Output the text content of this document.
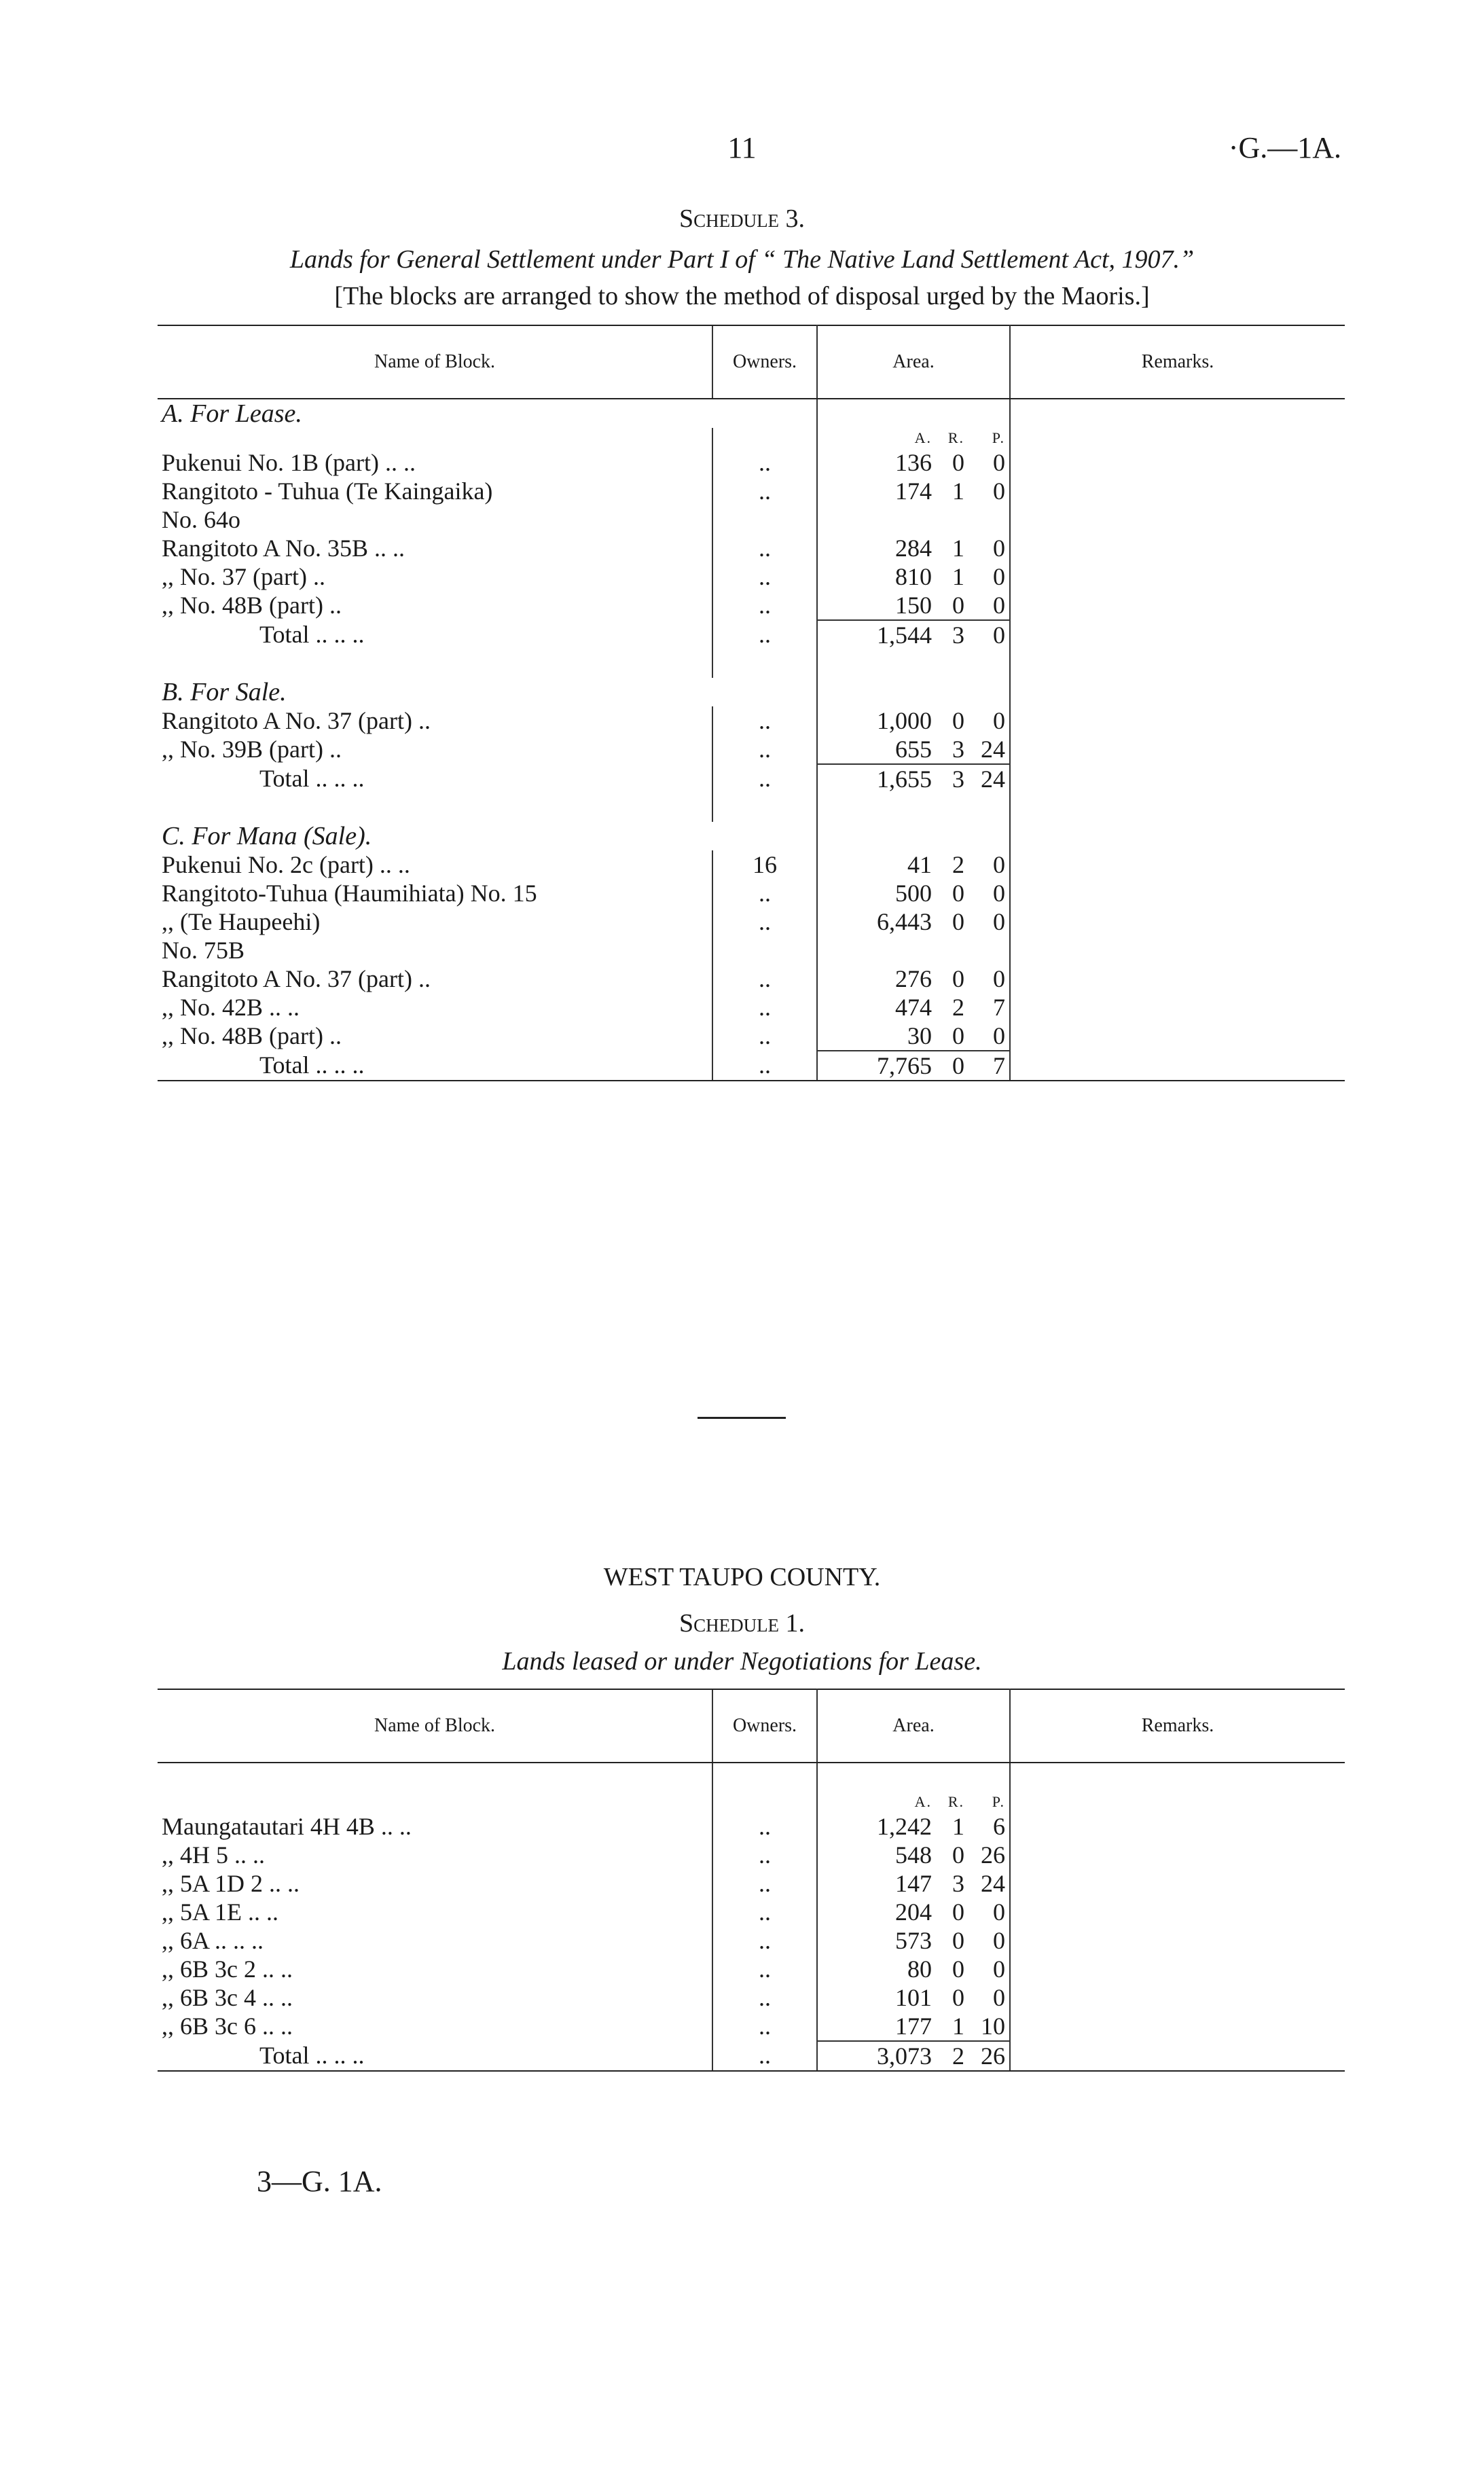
11	·G.—1A.
Schedule 3.
Lands for General Settlement under Part I of “ The Native Land Settlement Act, 1907.”
[The blocks are arranged to show the method of disposal urged by the Maoris.]
Name of Block.	Owners.	Area.	Remarks.
A. For Lease.			

		A. R. P.	

Pukenui No. 1B (part) .. ..	..	136 0 0	

Rangitoto - Tuhua (Te Kaingaika)	..	174 1 0	

No. 64o		

Rangitoto A No. 35B .. ..	..	284 1 0	

,, No. 37 (part) ..	..	810 1 0	

,, No. 48B (part) ..	..	150 0 0	

Total .. .. ..	..	1,544 3 0	

B. For Sale.			
Rangitoto A No. 37 (part) ..	..	1,000 0 0	

,, No. 39B (part) ..	..	655 3 24	

Total .. .. ..	..	1,655 3 24	

C. For Mana (Sale).			
Pukenui No. 2c (part) .. ..	16	41 2 0	

Rangitoto-Tuhua (Haumihiata) No. 15	..	500 0 0	

,, (Te Haupeehi)	..	6,443 0 0	

No. 75B		

Rangitoto A No. 37 (part) ..	..	276 0 0	

,, No. 42B .. ..	..	474 2 7	

,, No. 48B (part) ..	..	30 0 0	

Total .. .. ..	..	7,765 0 7	

WEST TAUPO COUNTY.
Schedule 1.
Lands leased or under Negotiations for Lease.
Name of Block.	Owners.	Area.	Remarks.

		A. R. P.	

Maungatautari 4H 4B .. ..	..	1,242 1 6	

,, 4H 5 .. ..	..	548 0 26	

,, 5A 1D 2 .. ..	..	147 3 24	

,, 5A 1E .. ..	..	204 0 0	

,, 6A .. .. ..	..	573 0 0	

,, 6B 3c 2 .. ..	..	80 0 0	

,, 6B 3c 4 .. ..	..	101 0 0	

,, 6B 3c 6 .. ..	..	177 1 10	

Total .. .. ..	..	3,073 2 26	

3—G. 1A.
